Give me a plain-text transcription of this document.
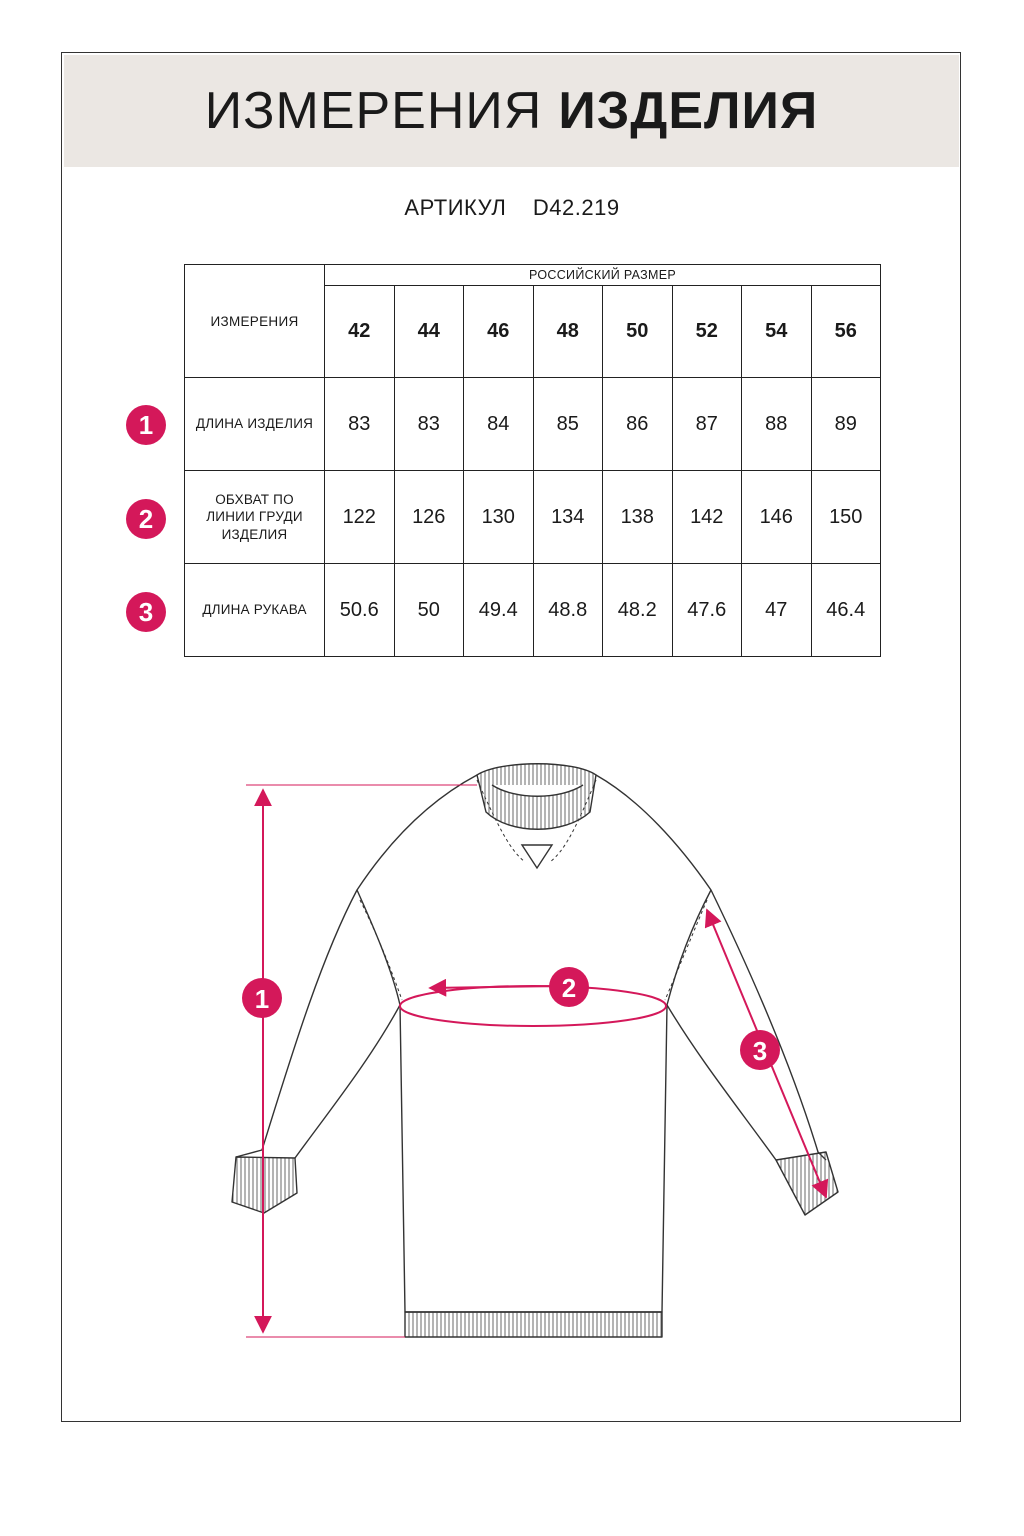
ИЗМЕРЕНИЯ ИЗДЕЛИЯ
АРТИКУЛ D42.219
ИЗМЕРЕНИЯ	РОССИЙСКИЙ РАЗМЕР							
	42	44	46	48	50	52	54	56
ДЛИНА ИЗДЕЛИЯ	83	83	84	85	86	87	88	89

ОБХВАТ ПО
ЛИНИИ ГРУДИ
ИЗДЕЛИЯ	122	126	130	134	138	142	146	150
ДЛИНА РУКАВА	50.6	50	49.4	48.8	48.2	47.6	47	46.4
1
2
3
1	2
3
